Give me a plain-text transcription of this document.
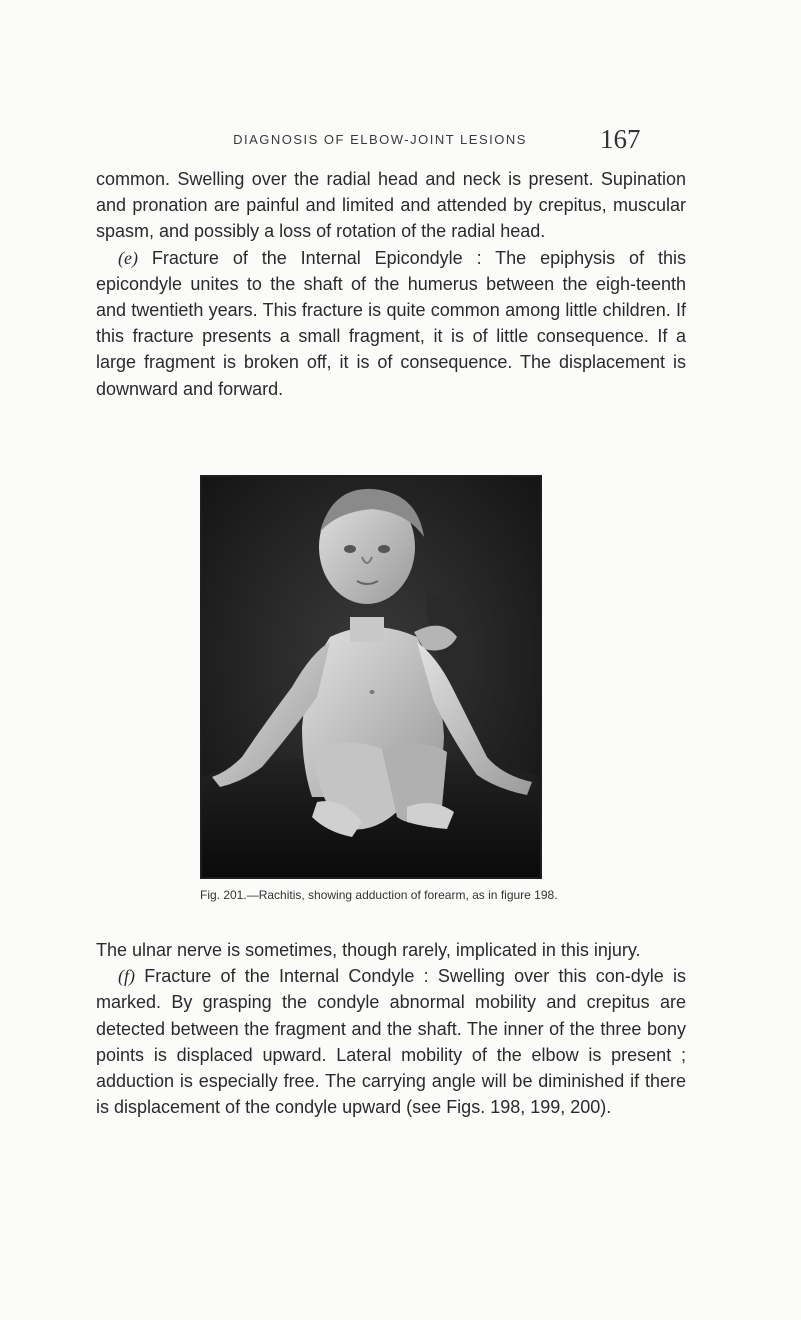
DIAGNOSIS OF ELBOW-JOINT LESIONS	167

common. Swelling over the radial head and neck is present. Supination and pronation are painful and limited and attended by crepitus, muscular spasm, and possibly a loss of rotation of the radial head.

(e) Fracture of the Internal Epicondyle : The epiphysis of this epicondyle unites to the shaft of the humerus between the eigh-teenth and twentieth years. This fracture is quite common among little children. If this fracture presents a small fragment, it is of little consequence. If a large fragment is broken off, it is of consequence. The displacement is downward and forward.

Fig. 201.—Rachitis, showing adduction of forearm, as in figure 198.

The ulnar nerve is sometimes, though rarely, implicated in this injury.

(f) Fracture of the Internal Condyle : Swelling over this con-dyle is marked. By grasping the condyle abnormal mobility and crepitus are detected between the fragment and the shaft. The inner of the three bony points is displaced upward. Lateral mobility of the elbow is present ; adduction is especially free. The carrying angle will be diminished if there is displacement of the condyle upward (see Figs. 198, 199, 200).
